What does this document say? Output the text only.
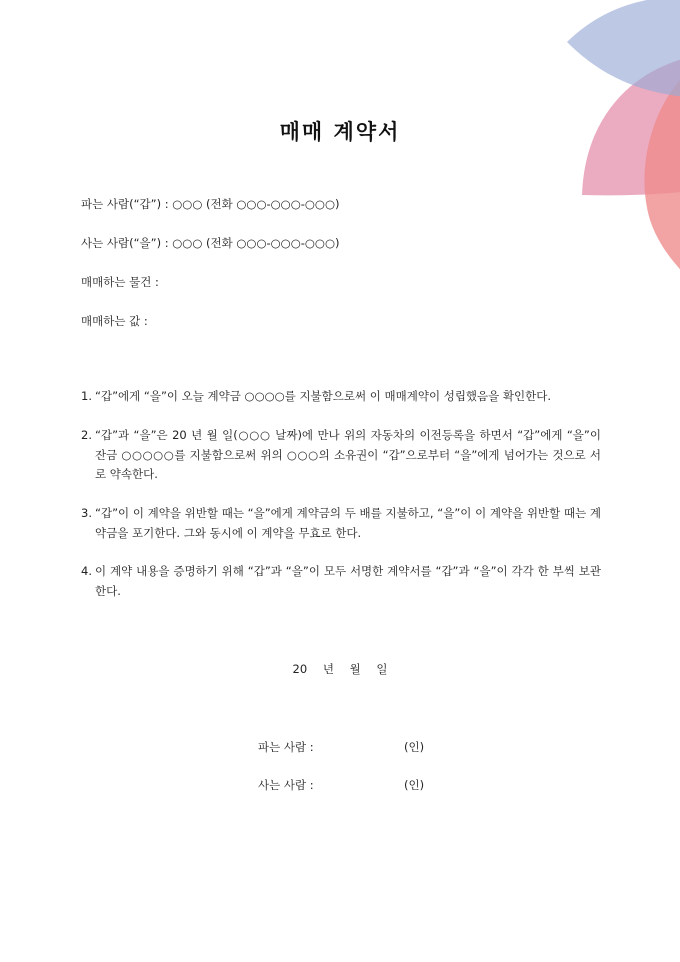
매매 계약서
파는 사람(“갑”) : ○○○ (전화 ○○○-○○○-○○○)
사는 사람(“을”) : ○○○ (전화 ○○○-○○○-○○○)
매매하는 물건 :
매매하는 값 :
1. “갑”에게 “을”이 오늘 계약금 ○○○○를 지불함으로써 이 매매계약이 성립했음을 확인한다.
2. “갑”과 “을”은 20 년 월 일(○○○ 날짜)에 만나 위의 자동차의 이전등록을 하면서 “갑”에게 “을”이 잔금 ○○○○○를 지불함으로써 위의 ○○○의 소유권이 “갑”으로부터 “을”에게 넘어가는 것으로 서로 약속한다.
3. “갑”이 이 계약을 위반할 때는 “을”에게 계약금의 두 배를 지불하고, “을”이 이 계약을 위반할 때는 계약금을 포기한다. 그와 동시에 이 계약을 무효로 한다.
4. 이 계약 내용을 증명하기 위해 “갑”과 “을”이 모두 서명한 계약서를 “갑”과 “을”이 각각 한 부씩 보관한다.
20 년 월 일
파는 사람 :	(인)
사는 사람 :	(인)
